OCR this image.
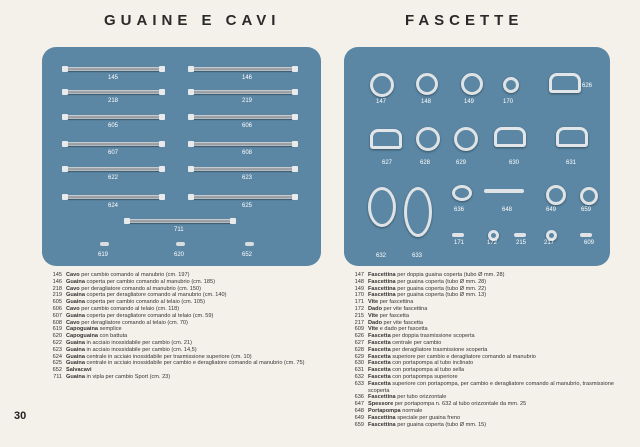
GUAINE E CAVI	FASCETTE
145	146
218	219
605	606
607	608
622	623
624	625
711
619	620	652
147	148	149	170
626
627	628	629	630	631
636	648	649	659
171	172	215	217	609
632	633
145 Cavo per cambio comando al manubrio (cm. 197)
146 Guaina coperta per cambio comando al manubrio (cm. 185)
218 Cavo per deragliatore comando al manubrio (cm. 150)
219 Guaina coperta per deragliatore comando al manubrio (cm. 140)
605 Guaina coperta per cambio comando al telaio (cm. 105)
606 Cavo per cambio comando al telaio (cm. 118)
607 Guaina coperta per deragliatore comando al telaio (cm. 59)
608 Cavo per deragliatore comando al telaio (cm. 70)
619 Capoguaina semplice
620 Capoguaina con battuta
622 Guaina in acciaio inossidabile per cambio (cm. 21)
623 Guaina in acciaio inossidabile per cambio (cm. 14,5)
624 Guaina centrale in acciaio inossidabile per trasmissione superiore (cm. 10)
625 Guaina centrale in acciaio inossidabile per cambio e deragliatore comando al manubrio (cm. 75)
652 Salvacavi
711 Guaina in vipla per cambio Sport (cm. 23)
147 Fascettina per doppia guaina coperta (tubo Ø mm. 28)
148 Fascettina per guaina coperta (tubo Ø mm. 28)
149 Fascettina per guaina coperta (tubo Ø mm. 22)
170 Fascettina per guaina coperta (tubo Ø mm. 13)
171 Vite per fascettina
172 Dado per vite fascettina
215 Vite per fascetta
217 Dado per vite fascetta
609 Vite e dado per fascetta
626 Fascetta per doppia trasmissione scoperta
627 Fascetta centrale per cambio
628 Fascetta per deragliatore trasmissione scoperta
629 Fascetta superiore per cambio e deragliatore comando al manubrio
630 Fascetta con portapompa al tubo inclinato
631 Fascetta con portapompa al tubo sella
632 Fascetta con portapompa superiore
633 Fascetta superiore con portapompa, per cambio e deragliatore comando al manubrio, trasmissione scoperta
636 Fascettina per tubo orizzontale
647 Spessore per portapompa n. 632 al tubo orizzontale da mm. 25
648 Portapompa normale
649 Fascettina speciale per guaina freno
659 Fascettina per guaina coperta (tubo Ø mm. 15)
30
